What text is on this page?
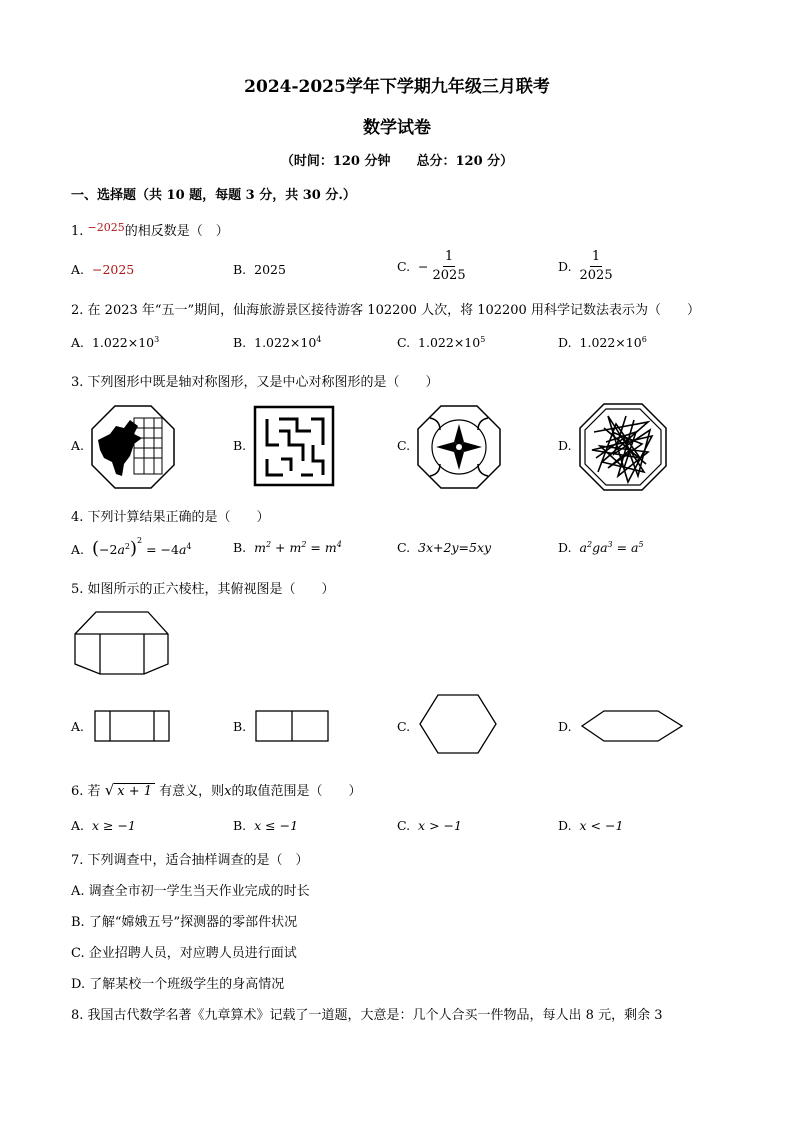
2024-2025学年下学期九年级三月联考
数学试卷
（时间：120 分钟　　总分：120 分）
一、选择题（共 10 题，每题 3 分，共 30 分.）
1. $^{-2025}$的相反数是（　）
A. −2025	B. 2025	C. − $\frac{1}{2025}$	D. $\frac{1}{2025}$
2. 在 2023 年“五一”期间，仙海旅游景区接待游客 102200 人次，将 102200 用科学记数法表示为（　　）
A. $1.022\times 10^3$	B. $1.022\times 10^4$	C. $1.022\times 10^5$	D. $1.022\times 10^6$
3. 下列图形中既是轴对称图形，又是中心对称图形的是（　　）
A.	B.	C.	D.
4. 下列计算结果正确的是（　　）
A. $(-2a^2)^2 = -4a^4$	B. $m^2 + m^2 = m^4$	C. 3x+2y=5xy	D. $a^2ga^3 = a^5$
5. 如图所示的正六棱柱，其俯视图是（　　）
A.	B.	C.	D.
6. 若 √ x + 1 有意义，则x的取值范围是（　　）
A. x ≥ −1	B. x ≤ −1	C. x > −1	D. x < −1
7. 下列调查中，适合抽样调查的是（　）
A. 调查全市初一学生当天作业完成的时长
B. 了解“嫦娥五号”探测器的零部件状况
C. 企业招聘人员，对应聘人员进行面试
D. 了解某校一个班级学生的身高情况
8. 我国古代数学名著《九章算术》记载了一道题，大意是：几个人合买一件物品，每人出 8 元，剩余 3
